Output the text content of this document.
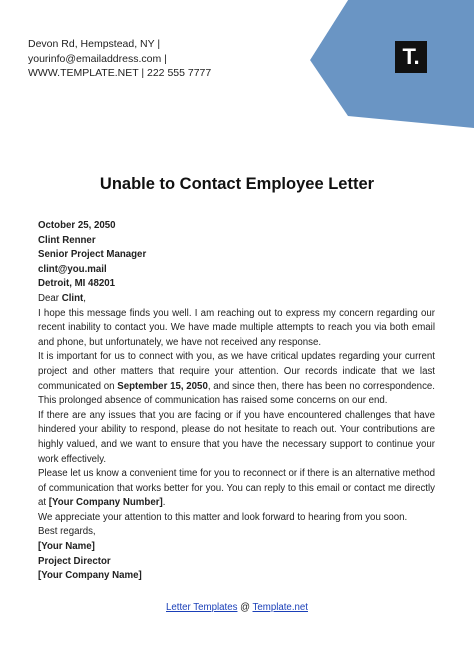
T.
Devon Rd, Hempstead, NY |
yourinfo@emailaddress.com |
WWW.TEMPLATE.NET | 222 555 7777
Unable to Contact Employee Letter

October 25, 2050

Clint Renner

Senior Project Manager

clint@you.mail

Detroit, MI 48201

Dear Clint,

I hope this message finds you well. I am reaching out to express my concern regarding our recent inability to contact you. We have made multiple attempts to reach you via both email and phone, but unfortunately, we have not received any response.

It is important for us to connect with you, as we have critical updates regarding your current project and other matters that require your attention. Our records indicate that we last communicated on September 15, 2050, and since then, there has been no correspondence. This prolonged absence of communication has raised some concerns on our end.

If there are any issues that you are facing or if you have encountered challenges that have hindered your ability to respond, please do not hesitate to reach out. Your contributions are highly valued, and we want to ensure that you have the necessary support to continue your work effectively.

Please let us know a convenient time for you to reconnect or if there is an alternative method of communication that works better for you. You can reply to this email or contact me directly at [Your Company Number].

We appreciate your attention to this matter and look forward to hearing from you soon.

Best regards,

[Your Name]

Project Director

[Your Company Name]

Letter Templates @ Template.net
